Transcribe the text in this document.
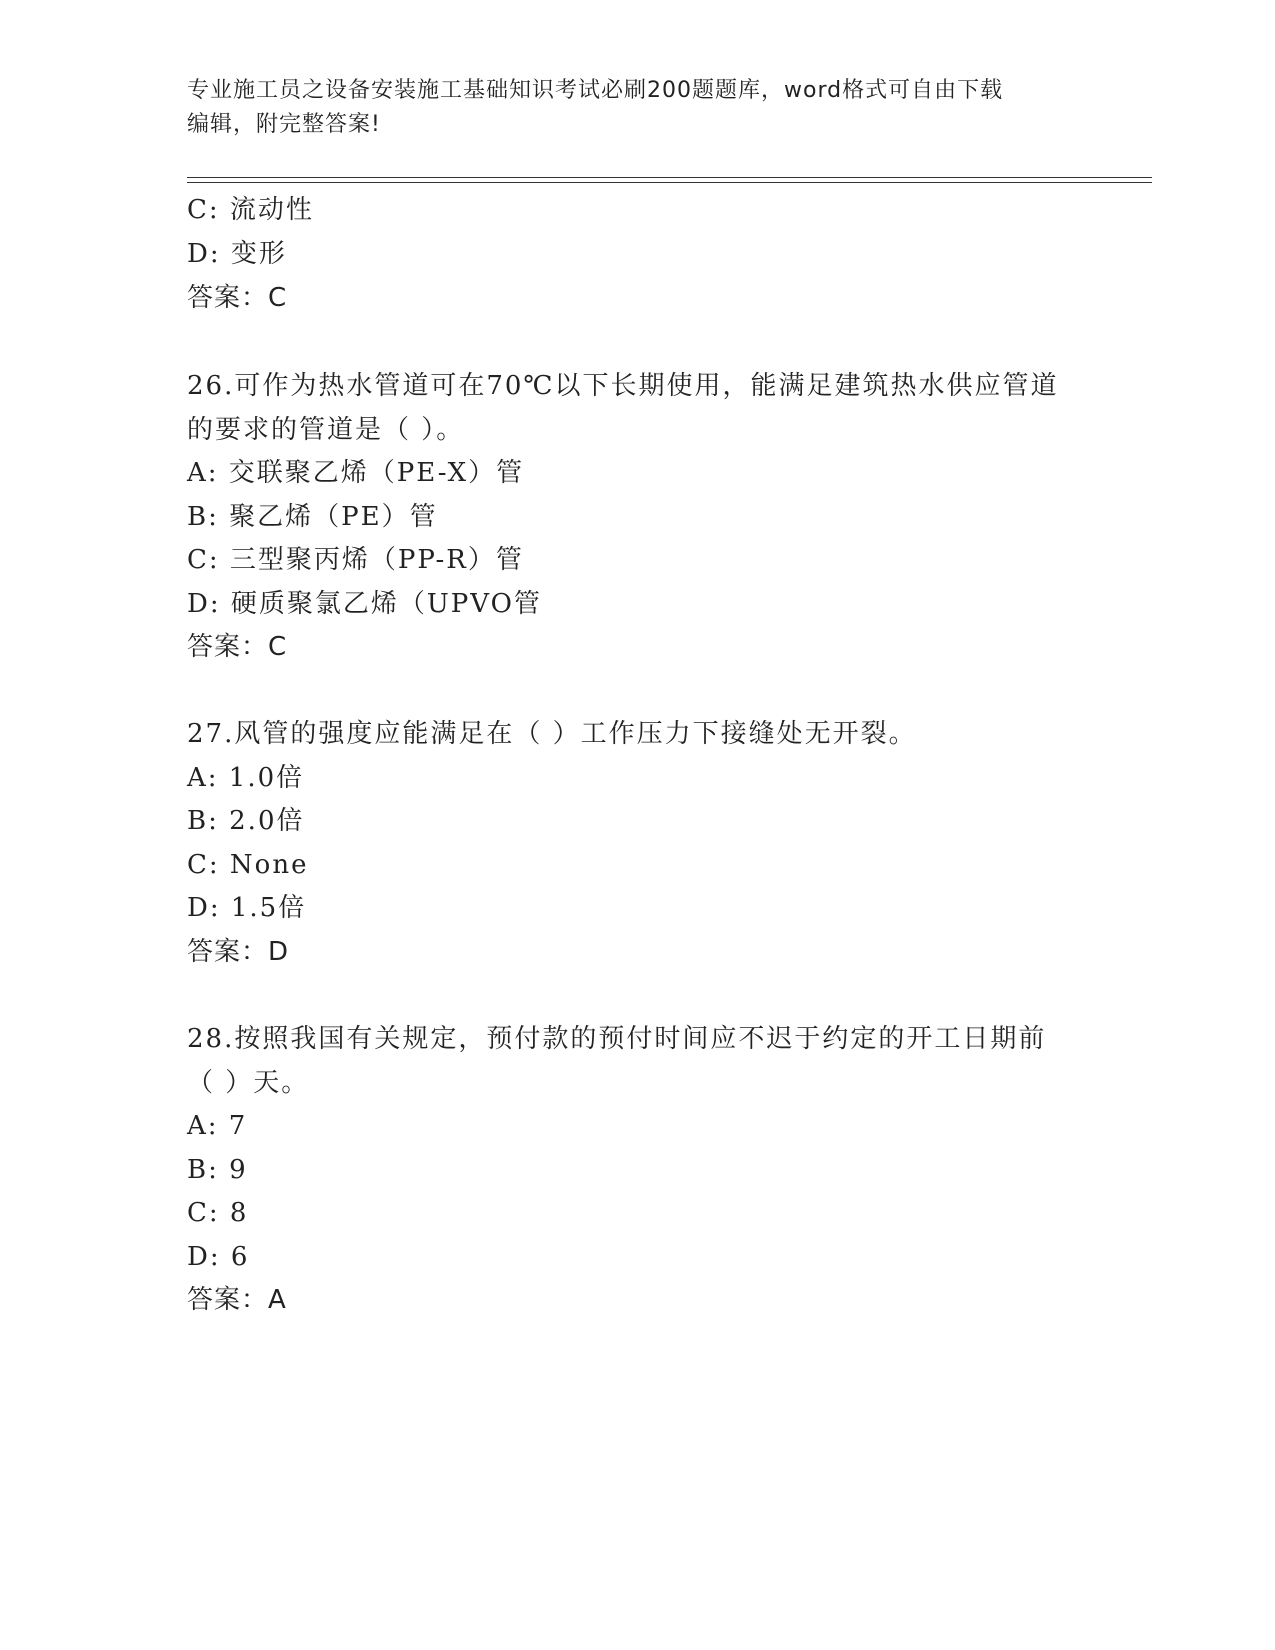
专业施工员之设备安装施工基础知识考试必刷200题题库，word格式可自由下载
编辑，附完整答案!
C: 流动性
D: 变形
答案：C
26.可作为热水管道可在70℃以下长期使用，能满足建筑热水供应管道
的要求的管道是（ ）。
A: 交联聚乙烯（PE-X）管
B: 聚乙烯（PE）管
C: 三型聚丙烯（PP-R）管
D: 硬质聚氯乙烯（UPVO管
答案：C
27.风管的强度应能满足在（ ）工作压力下接缝处无开裂。
A: 1.0倍
B: 2.0倍
C: None
D: 1.5倍
答案：D
28.按照我国有关规定，预付款的预付时间应不迟于约定的开工日期前
（ ）天。
A: 7
B: 9
C: 8
D: 6
答案：A
